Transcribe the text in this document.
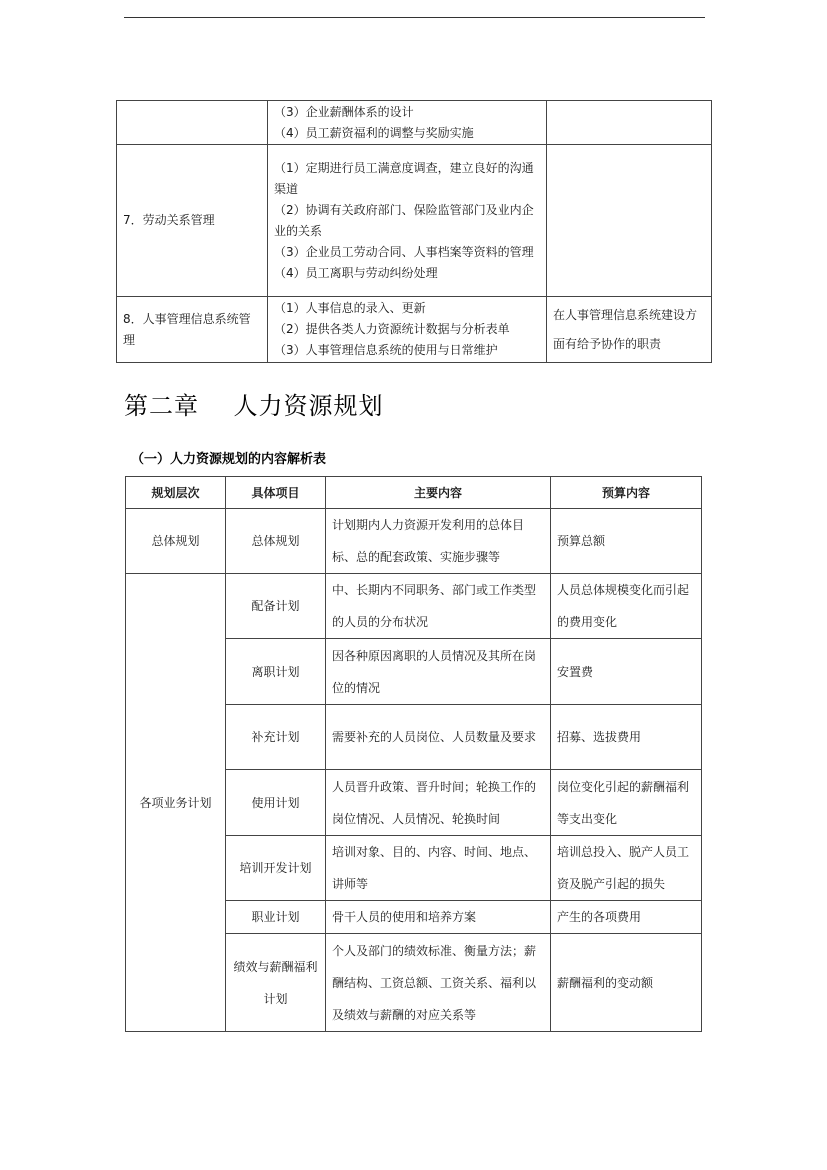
	（3）企业薪酬体系的设计
（4）员工薪资福利的调整与奖励实施	

7．劳动关系管理	（1）定期进行员工满意度调查，建立良好的沟通渠道
（2）协调有关政府部门、保险监管部门及业内企业的关系
（3）企业员工劳动合同、人事档案等资料的管理
（4）员工离职与劳动纠纷处理	

8．人事管理信息系统管理	（1）人事信息的录入、更新
（2）提供各类人力资源统计数据与分析表单
（3）人事管理信息系统的使用与日常维护	在人事管理信息系统建设方面有给予协作的职责
第二章    人力资源规划
（一）人力资源规划的内容解析表
规划层次	具体项目	主要内容	预算内容
总体规划	总体规划	计划期内人力资源开发利用的总体目标、总的配套政策、实施步骤等	预算总额
各项业务计划	配备计划	中、长期内不同职务、部门或工作类型的人员的分布状况	人员总体规模变化而引起的费用变化
	离职计划	因各种原因离职的人员情况及其所在岗位的情况	安置费
	补充计划	需要补充的人员岗位、人员数量及要求	招募、选拔费用
	使用计划	人员晋升政策、晋升时间；轮换工作的岗位情况、人员情况、轮换时间	岗位变化引起的薪酬福利等支出变化
	培训开发计划	培训对象、目的、内容、时间、地点、讲师等	培训总投入、脱产人员工资及脱产引起的损失
	职业计划	骨干人员的使用和培养方案	产生的各项费用
	绩效与薪酬福利计划	个人及部门的绩效标准、衡量方法；薪酬结构、工资总额、工资关系、福利以及绩效与薪酬的对应关系等	薪酬福利的变动额
